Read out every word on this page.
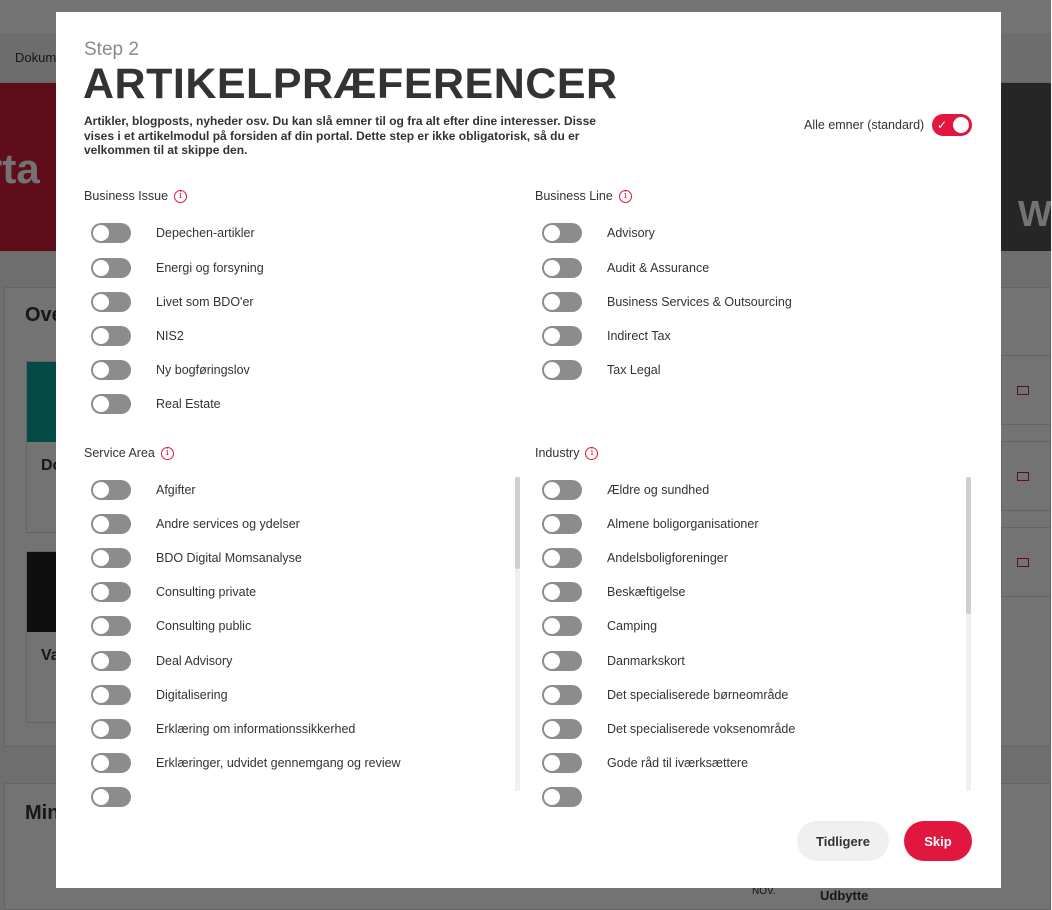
Step 2
ARTIKELPRÆFERENCER

Artikler, blogposts, nyheder osv. Du kan slå emner til og fra alt efter dine interesser. Disse vises i et artikelmodul på forsiden af din portal. Dette step er ikke obligatorisk, så du er velkommen til at skippe den.

Alle emner (standard) ✓
Business Issue	i
Depechen-artikler
Energi og forsyning
Livet som BDO'er
NIS2
Ny bogføringslov
Real Estate
Business Line	i
Advisory
Audit & Assurance
Business Services & Outsourcing
Indirect Tax
Tax Legal
Service Area	i
Afgifter
Andre services og ydelser
BDO Digital Momsanalyse
Consulting private
Consulting public
Deal Advisory
Digitalisering
Erklæring om informationssikkerhed
Erklæringer, udvidet gennemgang og review
Industry	i
Ældre og sundhed
Almene boligorganisationer
Andelsboligforeninger
Beskæftigelse
Camping
Danmarkskort
Det specialiserede børneområde
Det specialiserede voksenområde
Gode råd til iværksættere
Tidligere	Skip
